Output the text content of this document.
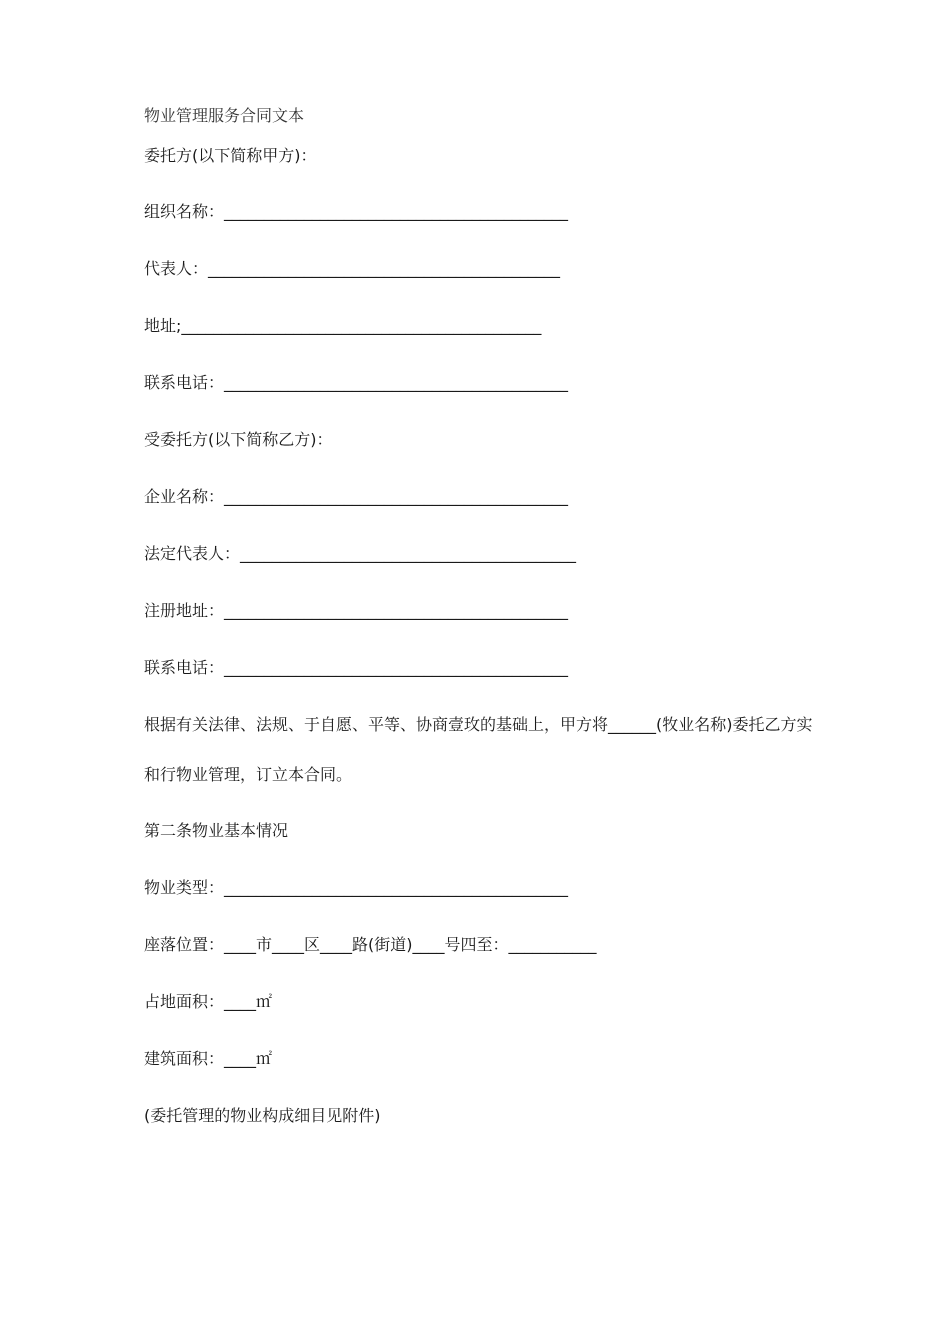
物业管理服务合同文本
委托方(以下简称甲方)：
组织名称：___________________________________________
代表人：____________________________________________
地址;_____________________________________________
联系电话：___________________________________________
受委托方(以下简称乙方)：
企业名称：___________________________________________
法定代表人：__________________________________________
注册地址：___________________________________________
联系电话：___________________________________________
根据有关法律、法规、于自愿、平等、协商壹玫的基础上，甲方将______(牧业名称)委托乙方实和行物业管理，订立本合同。
第二条物业基本情况
物业类型：___________________________________________
座落位置：____市____区____路(街道)____号四至：___________
占地面积：____㎡
建筑面积：____㎡
(委托管理的物业构成细目见附件)
